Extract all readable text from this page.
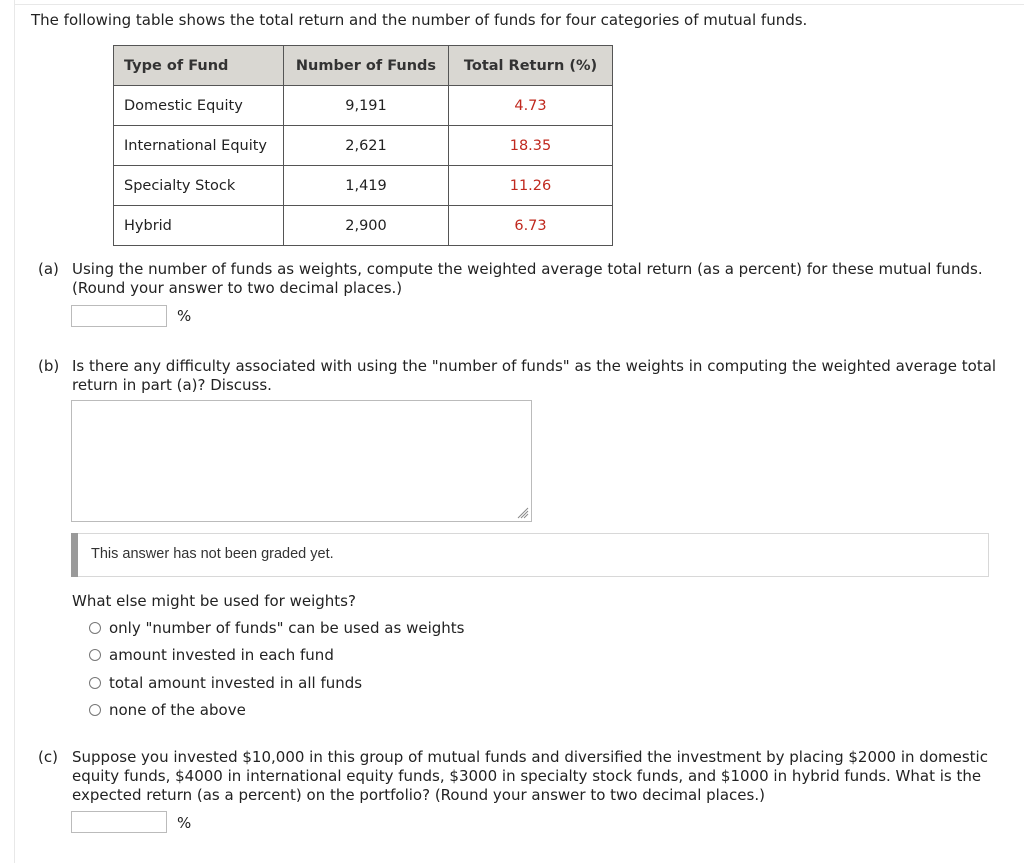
The following table shows the total return and the number of funds for four categories of mutual funds.
Type of Fund	Number of Funds	Total Return (%)
Domestic Equity	9,191	4.73
International Equity	2,621	18.35
Specialty Stock	1,419	11.26
Hybrid	2,900	6.73
(a) Using the number of funds as weights, compute the weighted average total return (as a percent) for these mutual funds.
(Round your answer to two decimal places.)
%
(b) Is there any difficulty associated with using the "number of funds" as the weights in computing the weighted average total
return in part (a)? Discuss.
This answer has not been graded yet.
What else might be used for weights?
only "number of funds" can be used as weights
amount invested in each fund
total amount invested in all funds
none of the above
(c) Suppose you invested $10,000 in this group of mutual funds and diversified the investment by placing $2000 in domestic
equity funds, $4000 in international equity funds, $3000 in specialty stock funds, and $1000 in hybrid funds. What is the
expected return (as a percent) on the portfolio? (Round your answer to two decimal places.)
%
